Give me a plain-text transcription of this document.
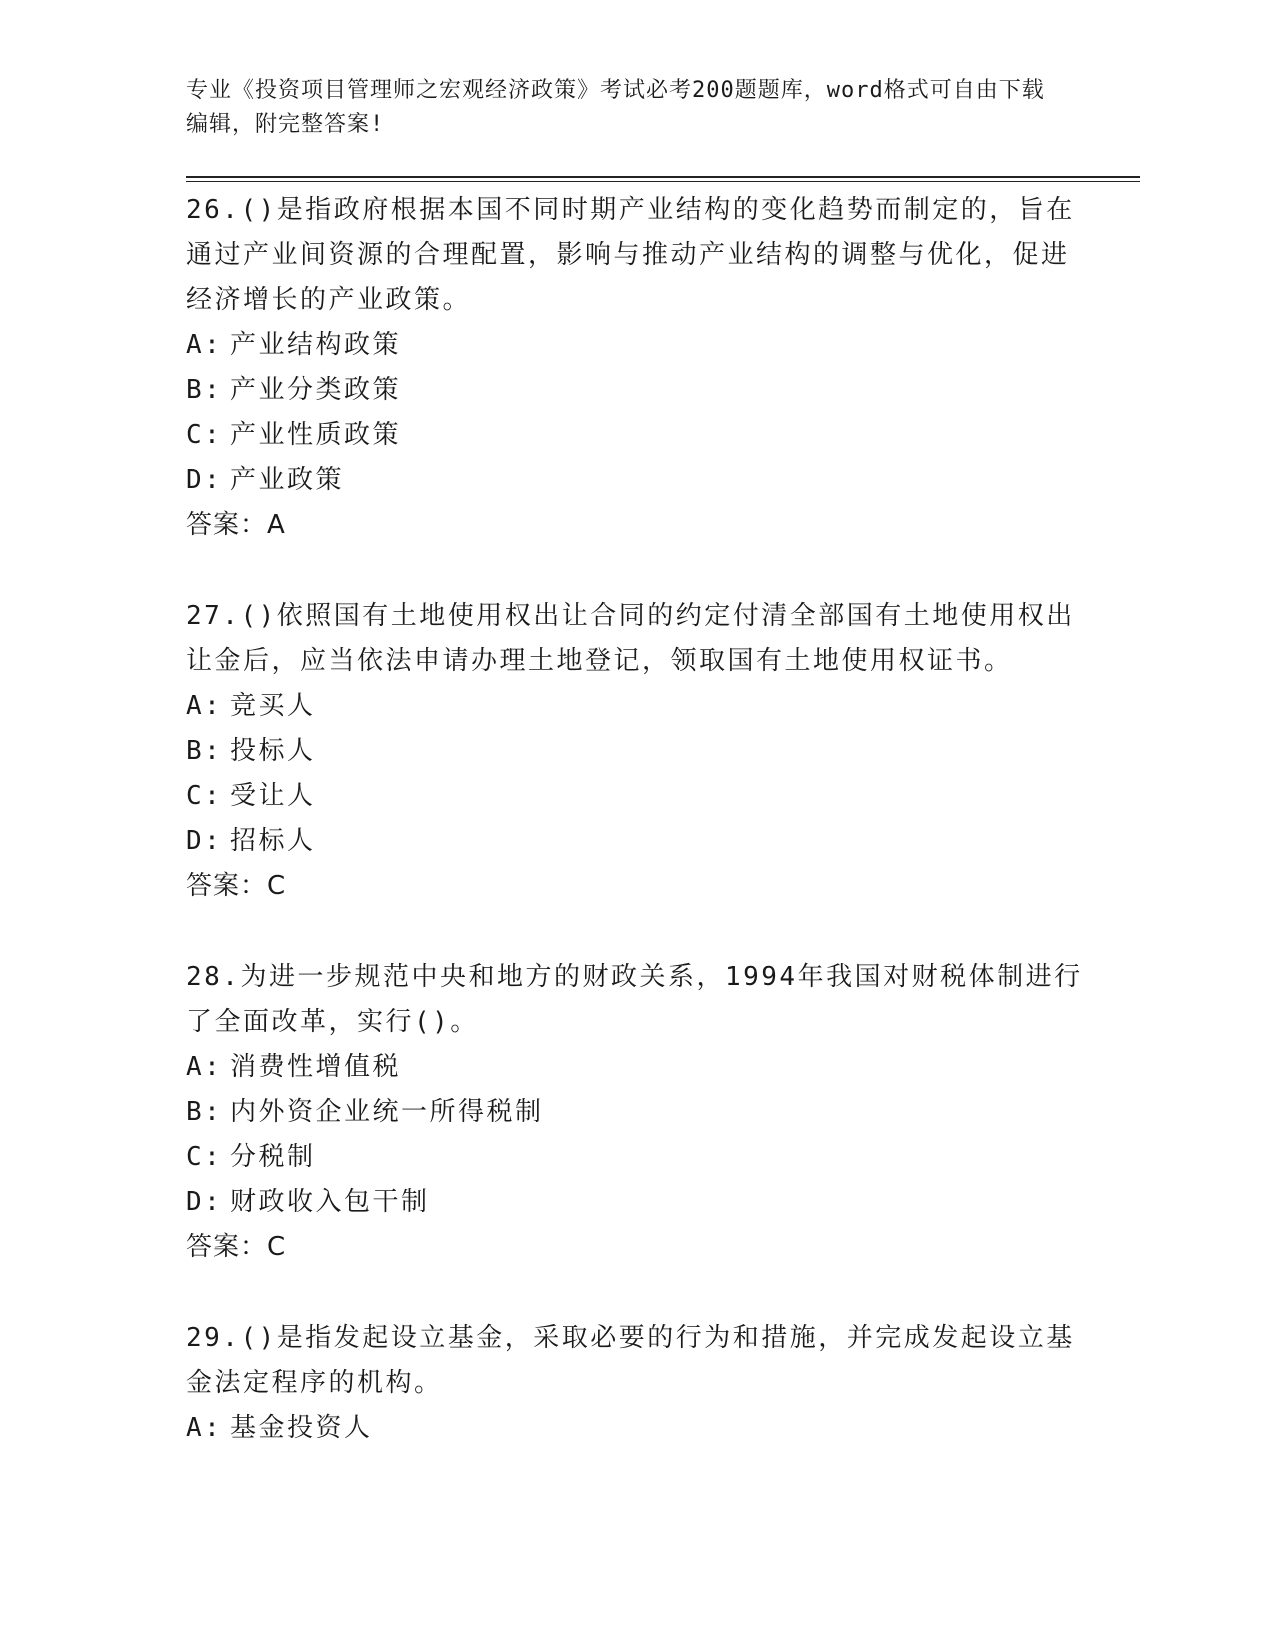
专业《投资项目管理师之宏观经济政策》考试必考200题题库，word格式可自由下载编辑，附完整答案!
26.()是指政府根据本国不同时期产业结构的变化趋势而制定的，旨在通过产业间资源的合理配置，影响与推动产业结构的调整与优化，促进经济增长的产业政策。
A: 产业结构政策
B: 产业分类政策
C: 产业性质政策
D: 产业政策
答案：A
27.()依照国有土地使用权出让合同的约定付清全部国有土地使用权出让金后，应当依法申请办理土地登记，领取国有土地使用权证书。
A: 竞买人
B: 投标人
C: 受让人
D: 招标人
答案：C
28.为进一步规范中央和地方的财政关系，1994年我国对财税体制进行了全面改革，实行()。
A: 消费性增值税
B: 内外资企业统一所得税制
C: 分税制
D: 财政收入包干制
答案：C
29.()是指发起设立基金，采取必要的行为和措施，并完成发起设立基金法定程序的机构。
A: 基金投资人
